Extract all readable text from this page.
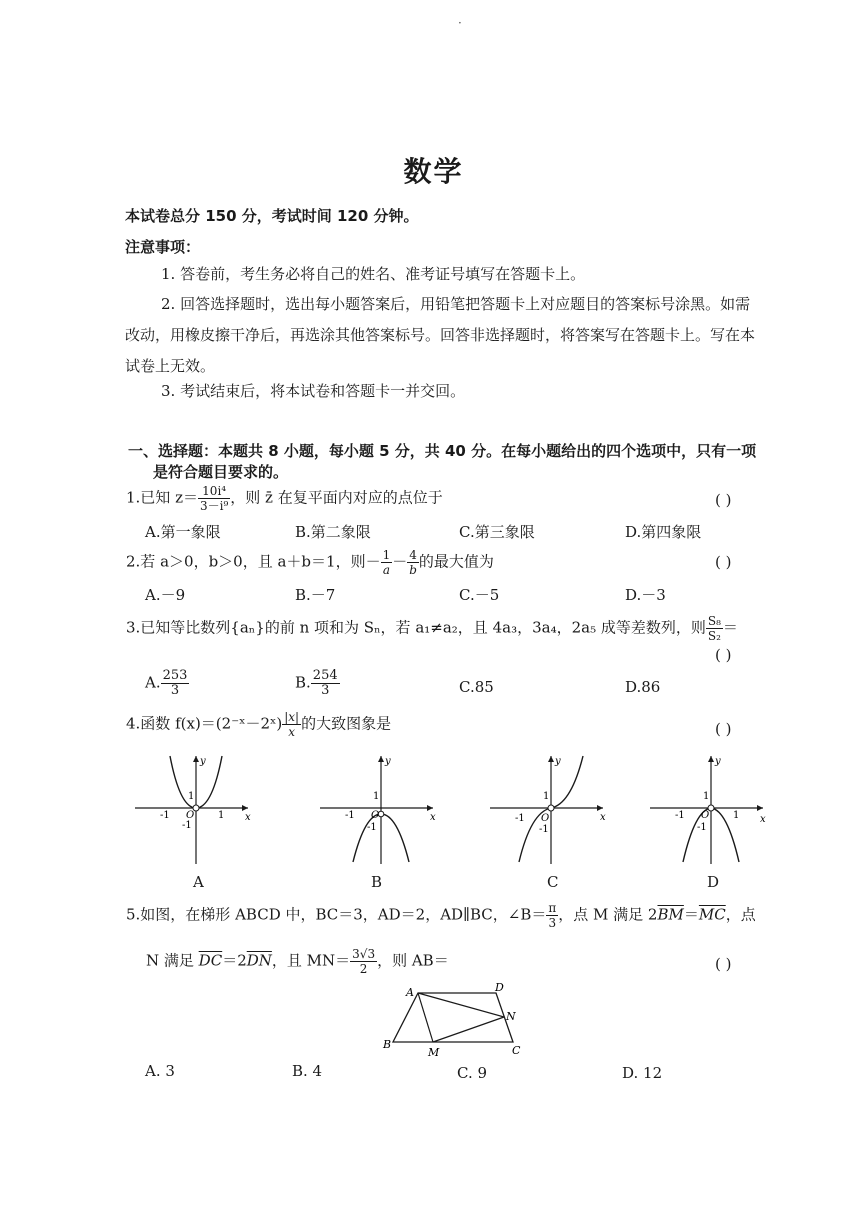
·
数学
本试卷总分 150 分，考试时间 120 分钟。
注意事项：
1. 答卷前，考生务必将自己的姓名、准考证号填写在答题卡上。
2. 回答选择题时，选出每小题答案后，用铅笔把答题卡上对应题目的答案标号涂黑。如需改动，用橡皮擦干净后，再选涂其他答案标号。回答非选择题时，将答案写在答题卡上。写在本试卷上无效。
3. 考试结束后，将本试卷和答题卡一并交回。
一、选择题：本题共 8 小题，每小题 5 分，共 40 分。在每小题给出的四个选项中，只有一项
是符合题目要求的。
1.已知 $z= \frac{\text{10i⁴}}{\text{3－i⁹}}$ ，则 z̄ 在复平面内对应的点位于	( )
A.第一象限	B.第二象限	C.第三象限	D.第四象限
2.若 a＞0，b＞0，且 a＋b＝1，则－ $\frac{1}{a} - \frac{4}{b}$ 的最大值为	( )
A.－9	B.－7	C.－5	D.－3
3.已知等比数列{aₙ}的前 n 项和为 Sₙ，若 a₁≠a₂，且 4a₃，3a₄，2a₅ 成等差数列，则 $\frac{\text{S₈}}{\text{S₂}}$ ＝
( )
A. $\frac{253}{3}$	B. $\frac{254}{3}$	C.85	D.86
4.函数 f(x)＝(2⁻ˣ－2ˣ) $\frac{|x|}{x}$ 的大致图象是	( )
y
x
O
1
-1
-1	1
A
y
x
O
1
-1
-1
B
y
x
O
1
-1
-1
C
y
x
O
1
-1
-1	1
D
5.如图，在梯形 ABCD 中，BC＝3，AD＝2，AD∥BC，∠B＝ $\frac{\pi}{3}$ ，点 M 满足 $2\overline{BM}=\overline{MC}$，点
N 满足 $\overline{DC}=2\overline{DN}$，且 $MN= \frac{3√3}{2}$ ，则 AB＝	( )
A	D
N
B
M	C
A. 3	B. 4	C. 9	D. 12
